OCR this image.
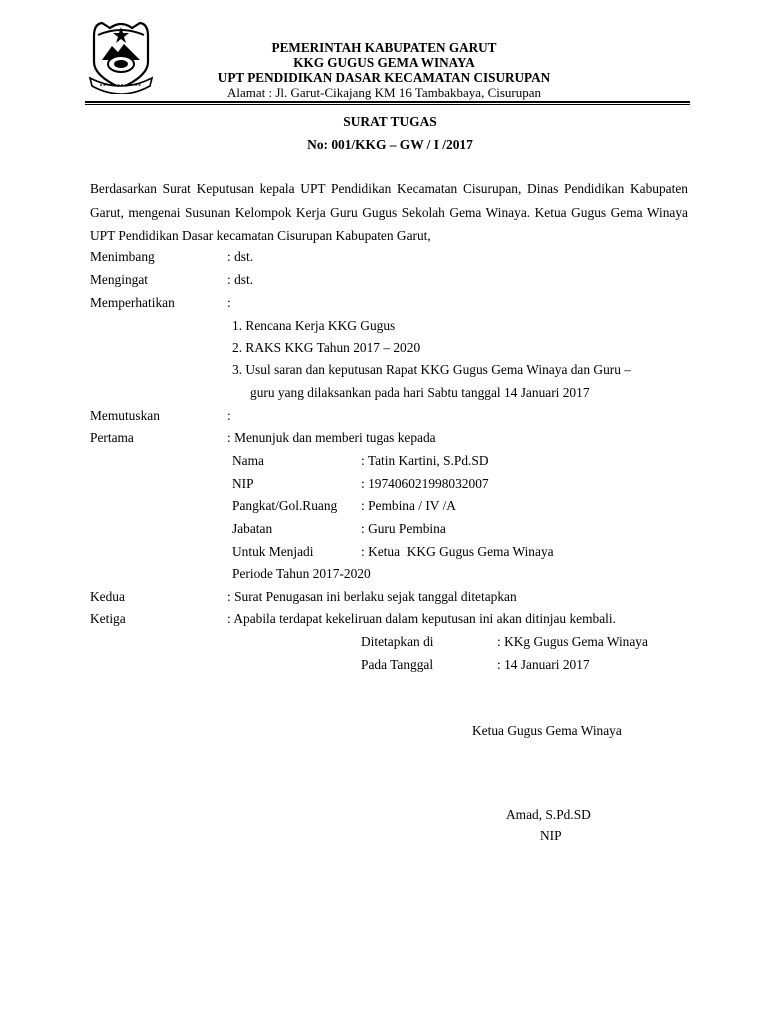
PEMERINTAH KABUPATEN GARUT
KKG GUGUS GEMA WINAYA
UPT PENDIDIKAN DASAR KECAMATAN CISURUPAN
Alamat : Jl. Garut-Cikajang KM 16 Tambakbaya, Cisurupan
SURAT TUGAS
No: 001/KKG – GW / I /2017
Berdasarkan Surat Keputusan kepala UPT Pendidikan Kecamatan Cisurupan, Dinas Pendidikan Kabupaten Garut, mengenai Susunan Kelompok Kerja Guru Gugus Sekolah Gema Winaya. Ketua Gugus Gema Winaya UPT Pendidikan Dasar kecamatan Cisurupan Kabupaten Garut,
Menimbang	: dst.
Mengingat	: dst.
Memperhatikan	:
1. Rencana Kerja KKG Gugus
2. RAKS KKG Tahun 2017 – 2020
3. Usul saran dan keputusan Rapat KKG Gugus Gema Winaya dan Guru –
guru yang dilaksankan pada hari Sabtu tanggal 14 Januari 2017
Memutuskan	:
Pertama	: Menunjuk dan memberi tugas kepada
Nama	: Tatin Kartini, S.Pd.SD
NIP	: 197406021998032007
Pangkat/Gol.Ruang : Pembina / IV /A
Jabatan	: Guru Pembina
Untuk Menjadi	: Ketua  KKG Gugus Gema Winaya
Periode Tahun 2017-2020
Kedua	: Surat Penugasan ini berlaku sejak tanggal ditetapkan
Ketiga	: Apabila terdapat kekeliruan dalam keputusan ini akan ditinjau kembali.
Ditetapkan di	: KKg Gugus Gema Winaya
Pada Tanggal	: 14 Januari 2017
Ketua Gugus Gema Winaya
Amad, S.Pd.SD
NIP
